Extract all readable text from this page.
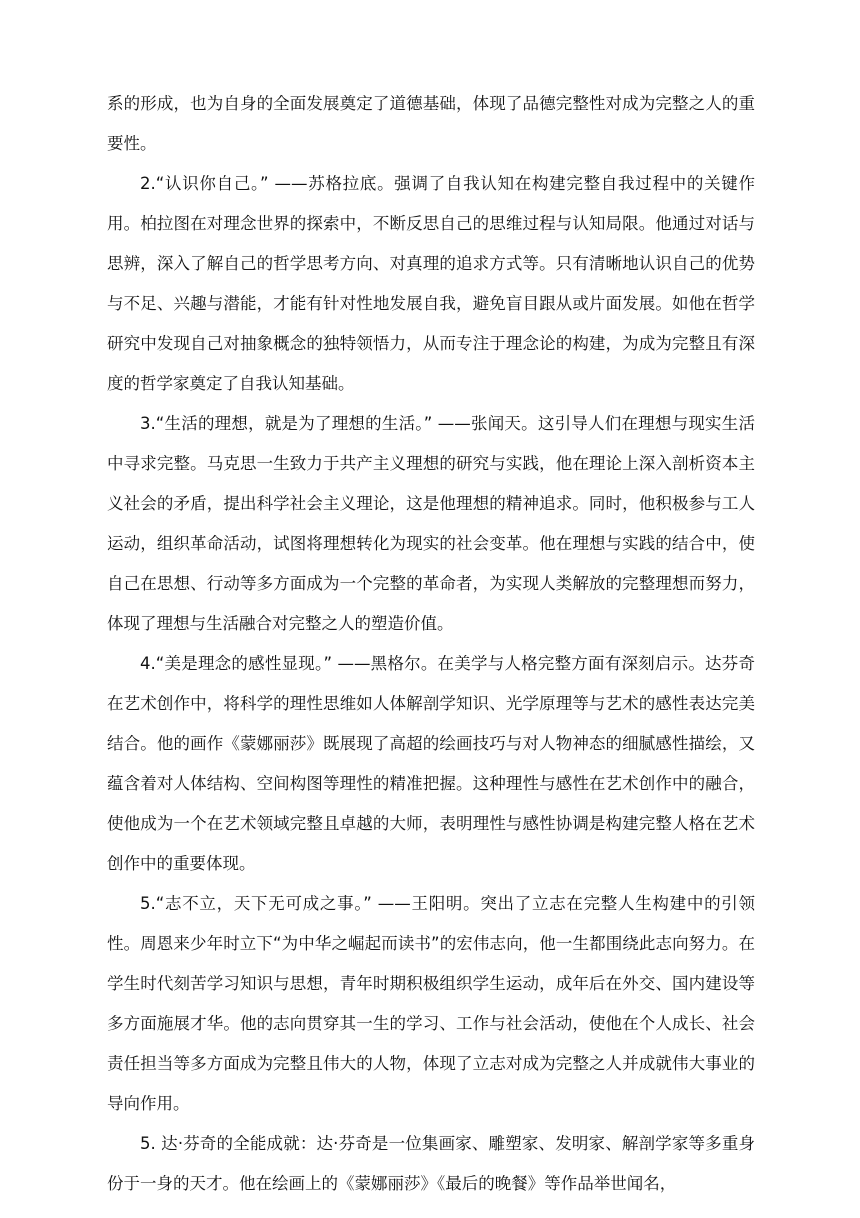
系的形成，也为自身的全面发展奠定了道德基础，体现了品德完整性对成为完整之人的重要性。

2.“认识你自己。” ——苏格拉底。强调了自我认知在构建完整自我过程中的关键作用。柏拉图在对理念世界的探索中，不断反思自己的思维过程与认知局限。他通过对话与思辨，深入了解自己的哲学思考方向、对真理的追求方式等。只有清晰地认识自己的优势与不足、兴趣与潜能，才能有针对性地发展自我，避免盲目跟从或片面发展。如他在哲学研究中发现自己对抽象概念的独特领悟力，从而专注于理念论的构建，为成为完整且有深度的哲学家奠定了自我认知基础。

3.“生活的理想，就是为了理想的生活。” ——张闻天。这引导人们在理想与现实生活中寻求完整。马克思一生致力于共产主义理想的研究与实践，他在理论上深入剖析资本主义社会的矛盾，提出科学社会主义理论，这是他理想的精神追求。同时，他积极参与工人运动，组织革命活动，试图将理想转化为现实的社会变革。他在理想与实践的结合中，使自己在思想、行动等多方面成为一个完整的革命者，为实现人类解放的完整理想而努力，体现了理想与生活融合对完整之人的塑造价值。

4.“美是理念的感性显现。” ——黑格尔。在美学与人格完整方面有深刻启示。达芬奇在艺术创作中，将科学的理性思维如人体解剖学知识、光学原理等与艺术的感性表达完美结合。他的画作《蒙娜丽莎》既展现了高超的绘画技巧与对人物神态的细腻感性描绘，又蕴含着对人体结构、空间构图等理性的精准把握。这种理性与感性在艺术创作中的融合，使他成为一个在艺术领域完整且卓越的大师，表明理性与感性协调是构建完整人格在艺术创作中的重要体现。

5.“志不立，天下无可成之事。” ——王阳明。突出了立志在完整人生构建中的引领性。周恩来少年时立下“为中华之崛起而读书”的宏伟志向，他一生都围绕此志向努力。在学生时代刻苦学习知识与思想，青年时期积极组织学生运动，成年后在外交、国内建设等多方面施展才华。他的志向贯穿其一生的学习、工作与社会活动，使他在个人成长、社会责任担当等多方面成为完整且伟大的人物，体现了立志对成为完整之人并成就伟大事业的导向作用。

5. 达·芬奇的全能成就：达·芬奇是一位集画家、雕塑家、发明家、解剖学家等多重身份于一身的天才。他在绘画上的《蒙娜丽莎》《最后的晚餐》等作品举世闻名，
